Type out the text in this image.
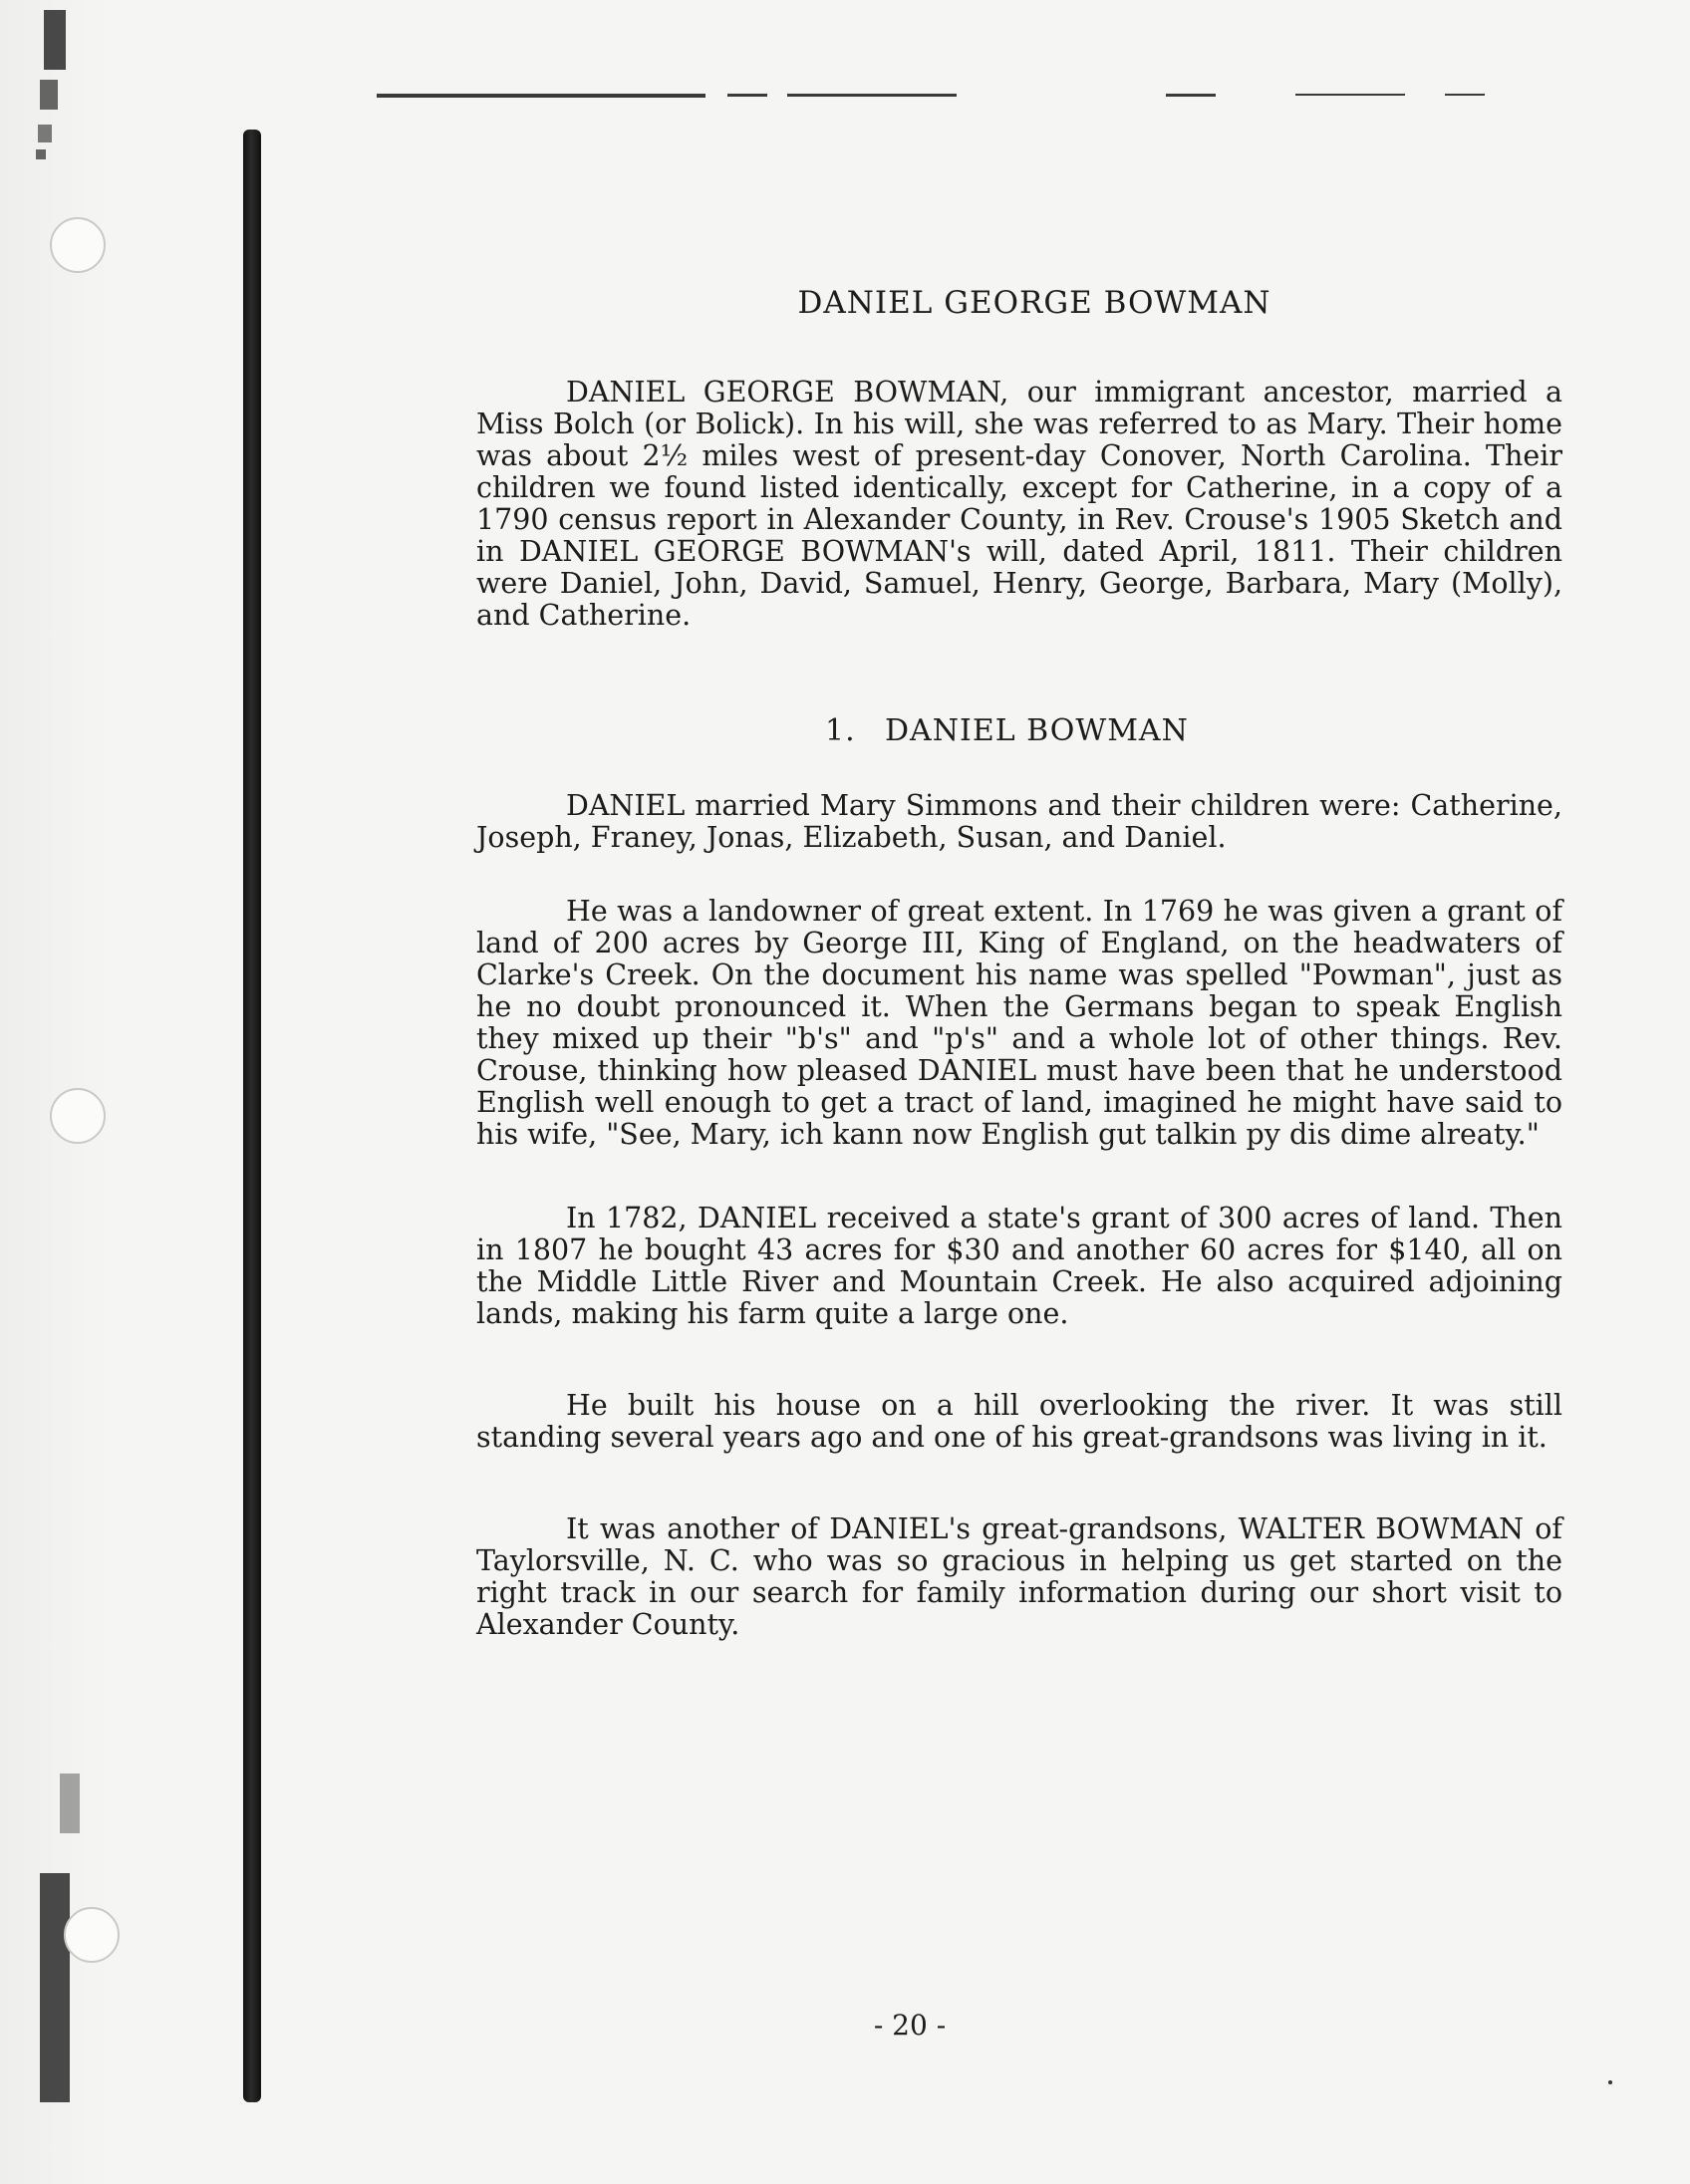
DANIEL GEORGE BOWMAN

DANIEL GEORGE BOWMAN, our immigrant ancestor, married a Miss Bolch (or Bolick). In his will, she was referred to as Mary. Their home was about 2½ miles west of present-day Conover, North Carolina. Their children we found listed identically, except for Catherine, in a copy of a 1790 census report in Alexander County, in Rev. Crouse's 1905 Sketch and in DANIEL GEORGE BOWMAN's will, dated April, 1811. Their children were Daniel, John, David, Samuel, Henry, George, Barbara, Mary (Molly), and Catherine.

1. DANIEL BOWMAN

DANIEL married Mary Simmons and their children were: Catherine, Joseph, Franey, Jonas, Elizabeth, Susan, and Daniel.

He was a landowner of great extent. In 1769 he was given a grant of land of 200 acres by George III, King of England, on the headwaters of Clarke's Creek. On the document his name was spelled "Powman", just as he no doubt pronounced it. When the Germans began to speak English they mixed up their "b's" and "p's" and a whole lot of other things. Rev. Crouse, thinking how pleased DANIEL must have been that he understood English well enough to get a tract of land, imagined he might have said to his wife, "See, Mary, ich kann now English gut talkin py dis dime alreaty."

In 1782, DANIEL received a state's grant of 300 acres of land. Then in 1807 he bought 43 acres for $30 and another 60 acres for $140, all on the Middle Little River and Mountain Creek. He also acquired adjoining lands, making his farm quite a large one.

He built his house on a hill overlooking the river. It was still standing several years ago and one of his great-grandsons was living in it.

It was another of DANIEL's great-grandsons, WALTER BOWMAN of Taylorsville, N. C. who was so gracious in helping us get started on the right track in our search for family information during our short visit to Alexander County.

- 20 -
